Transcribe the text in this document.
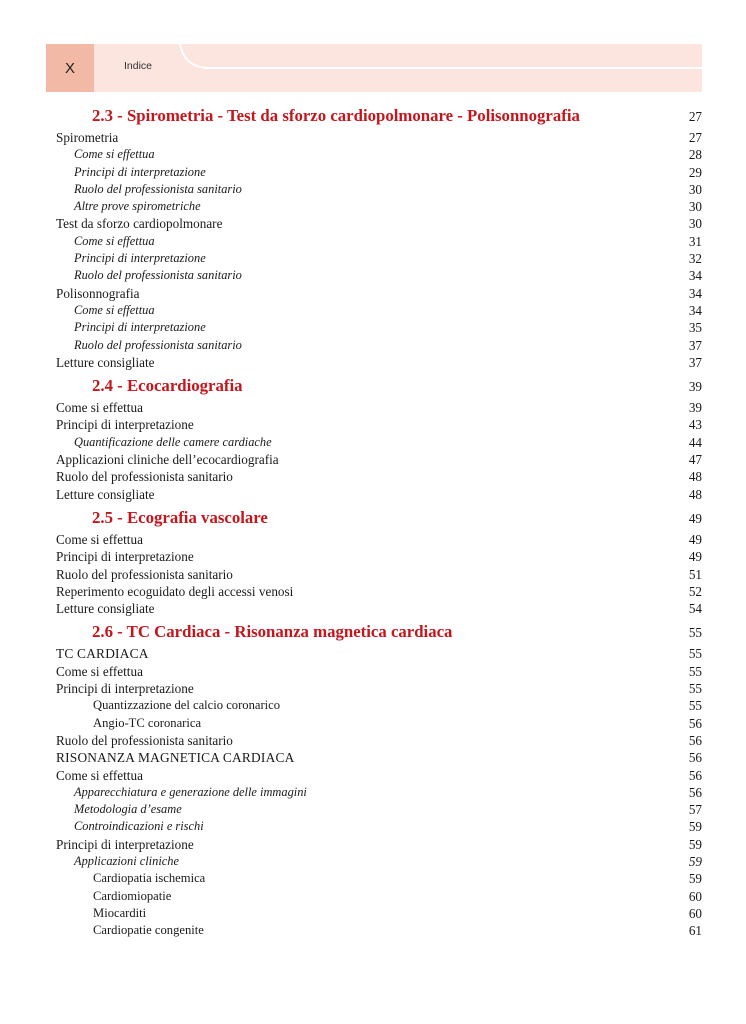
X	Indice
2.3 - Spirometria - Test da sforzo cardiopolmonare - Polisonnografia	27
Spirometria	27
Come si effettua	28
Principi di interpretazione	29
Ruolo del professionista sanitario	30
Altre prove spirometriche	30
Test da sforzo cardiopolmonare	30
Come si effettua	31
Principi di interpretazione	32
Ruolo del professionista sanitario	34
Polisonnografia	34
Come si effettua	34
Principi di interpretazione	35
Ruolo del professionista sanitario	37
Letture consigliate	37
2.4 - Ecocardiografia	39
Come si effettua	39
Principi di interpretazione	43
Quantificazione delle camere cardiache	44
Applicazioni cliniche dell’ecocardiografia	47
Ruolo del professionista sanitario	48
Letture consigliate	48
2.5 - Ecografia vascolare	49
Come si effettua	49
Principi di interpretazione	49
Ruolo del professionista sanitario	51
Reperimento ecoguidato degli accessi venosi	52
Letture consigliate	54
2.6 - TC Cardiaca - Risonanza magnetica cardiaca	55
TC CARDIACA	55
Come si effettua	55
Principi di interpretazione	55
Quantizzazione del calcio coronarico	55
Angio-TC coronarica	56
Ruolo del professionista sanitario	56
RISONANZA MAGNETICA CARDIACA	56
Come si effettua	56
Apparecchiatura e generazione delle immagini	56
Metodologia d’esame	57
Controindicazioni e rischi	59
Principi di interpretazione	59
Applicazioni cliniche	59
Cardiopatia ischemica	59
Cardiomiopatie	60
Miocarditi	60
Cardiopatie congenite	61
